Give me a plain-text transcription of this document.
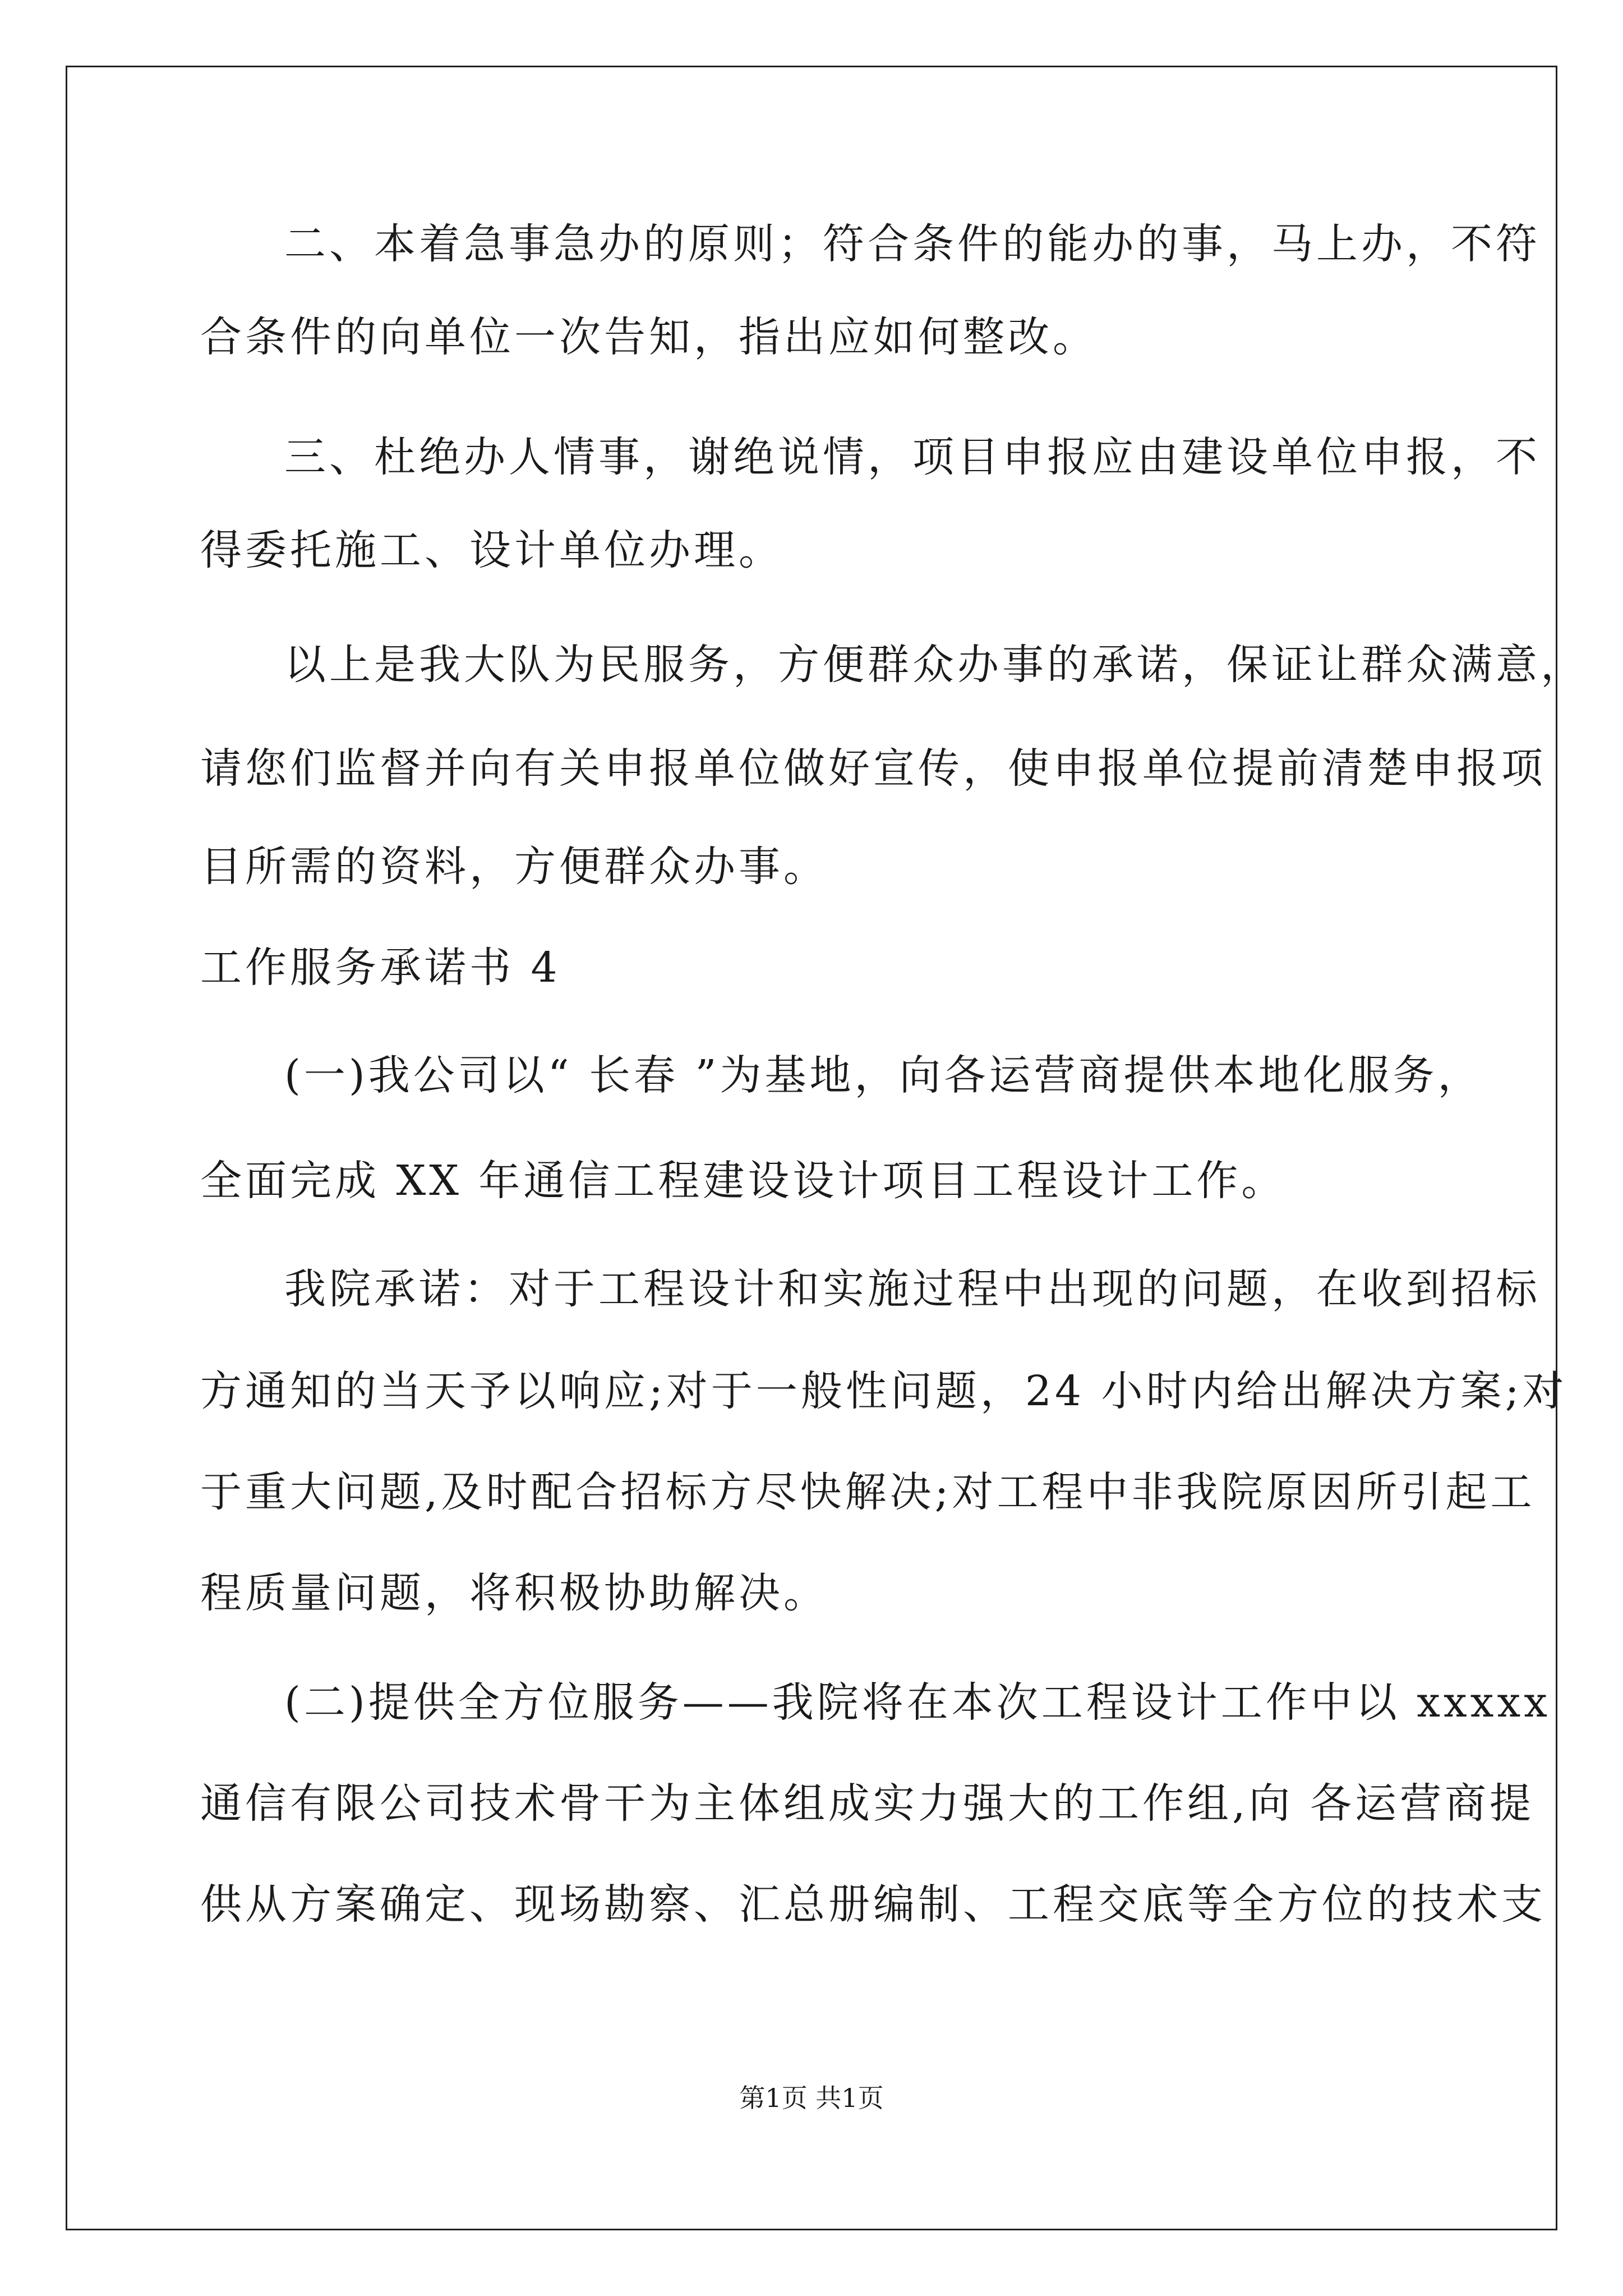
二、本着急事急办的原则；符合条件的能办的事，马上办，不符
合条件的向单位一次告知，指出应如何整改。
三、杜绝办人情事，谢绝说情，项目申报应由建设单位申报，不
得委托施工、设计单位办理。
以上是我大队为民服务，方便群众办事的承诺，保证让群众满意，
请您们监督并向有关申报单位做好宣传，使申报单位提前清楚申报项
目所需的资料，方便群众办事。
工作服务承诺书 4
(一)我公司以“ 长春 ”为基地，向各运营商提供本地化服务，
全面完成 XX 年通信工程建设设计项目工程设计工作。
我院承诺：对于工程设计和实施过程中出现的问题，在收到招标
方通知的当天予以响应;对于一般性问题，24 小时内给出解决方案;对
于重大问题,及时配合招标方尽快解决;对工程中非我院原因所引起工
程质量问题，将积极协助解决。
(二)提供全方位服务——我院将在本次工程设计工作中以 xxxxx
通信有限公司技术骨干为主体组成实力强大的工作组,向 各运营商提
供从方案确定、现场勘察、汇总册编制、工程交底等全方位的技术支
第1页 共1页
